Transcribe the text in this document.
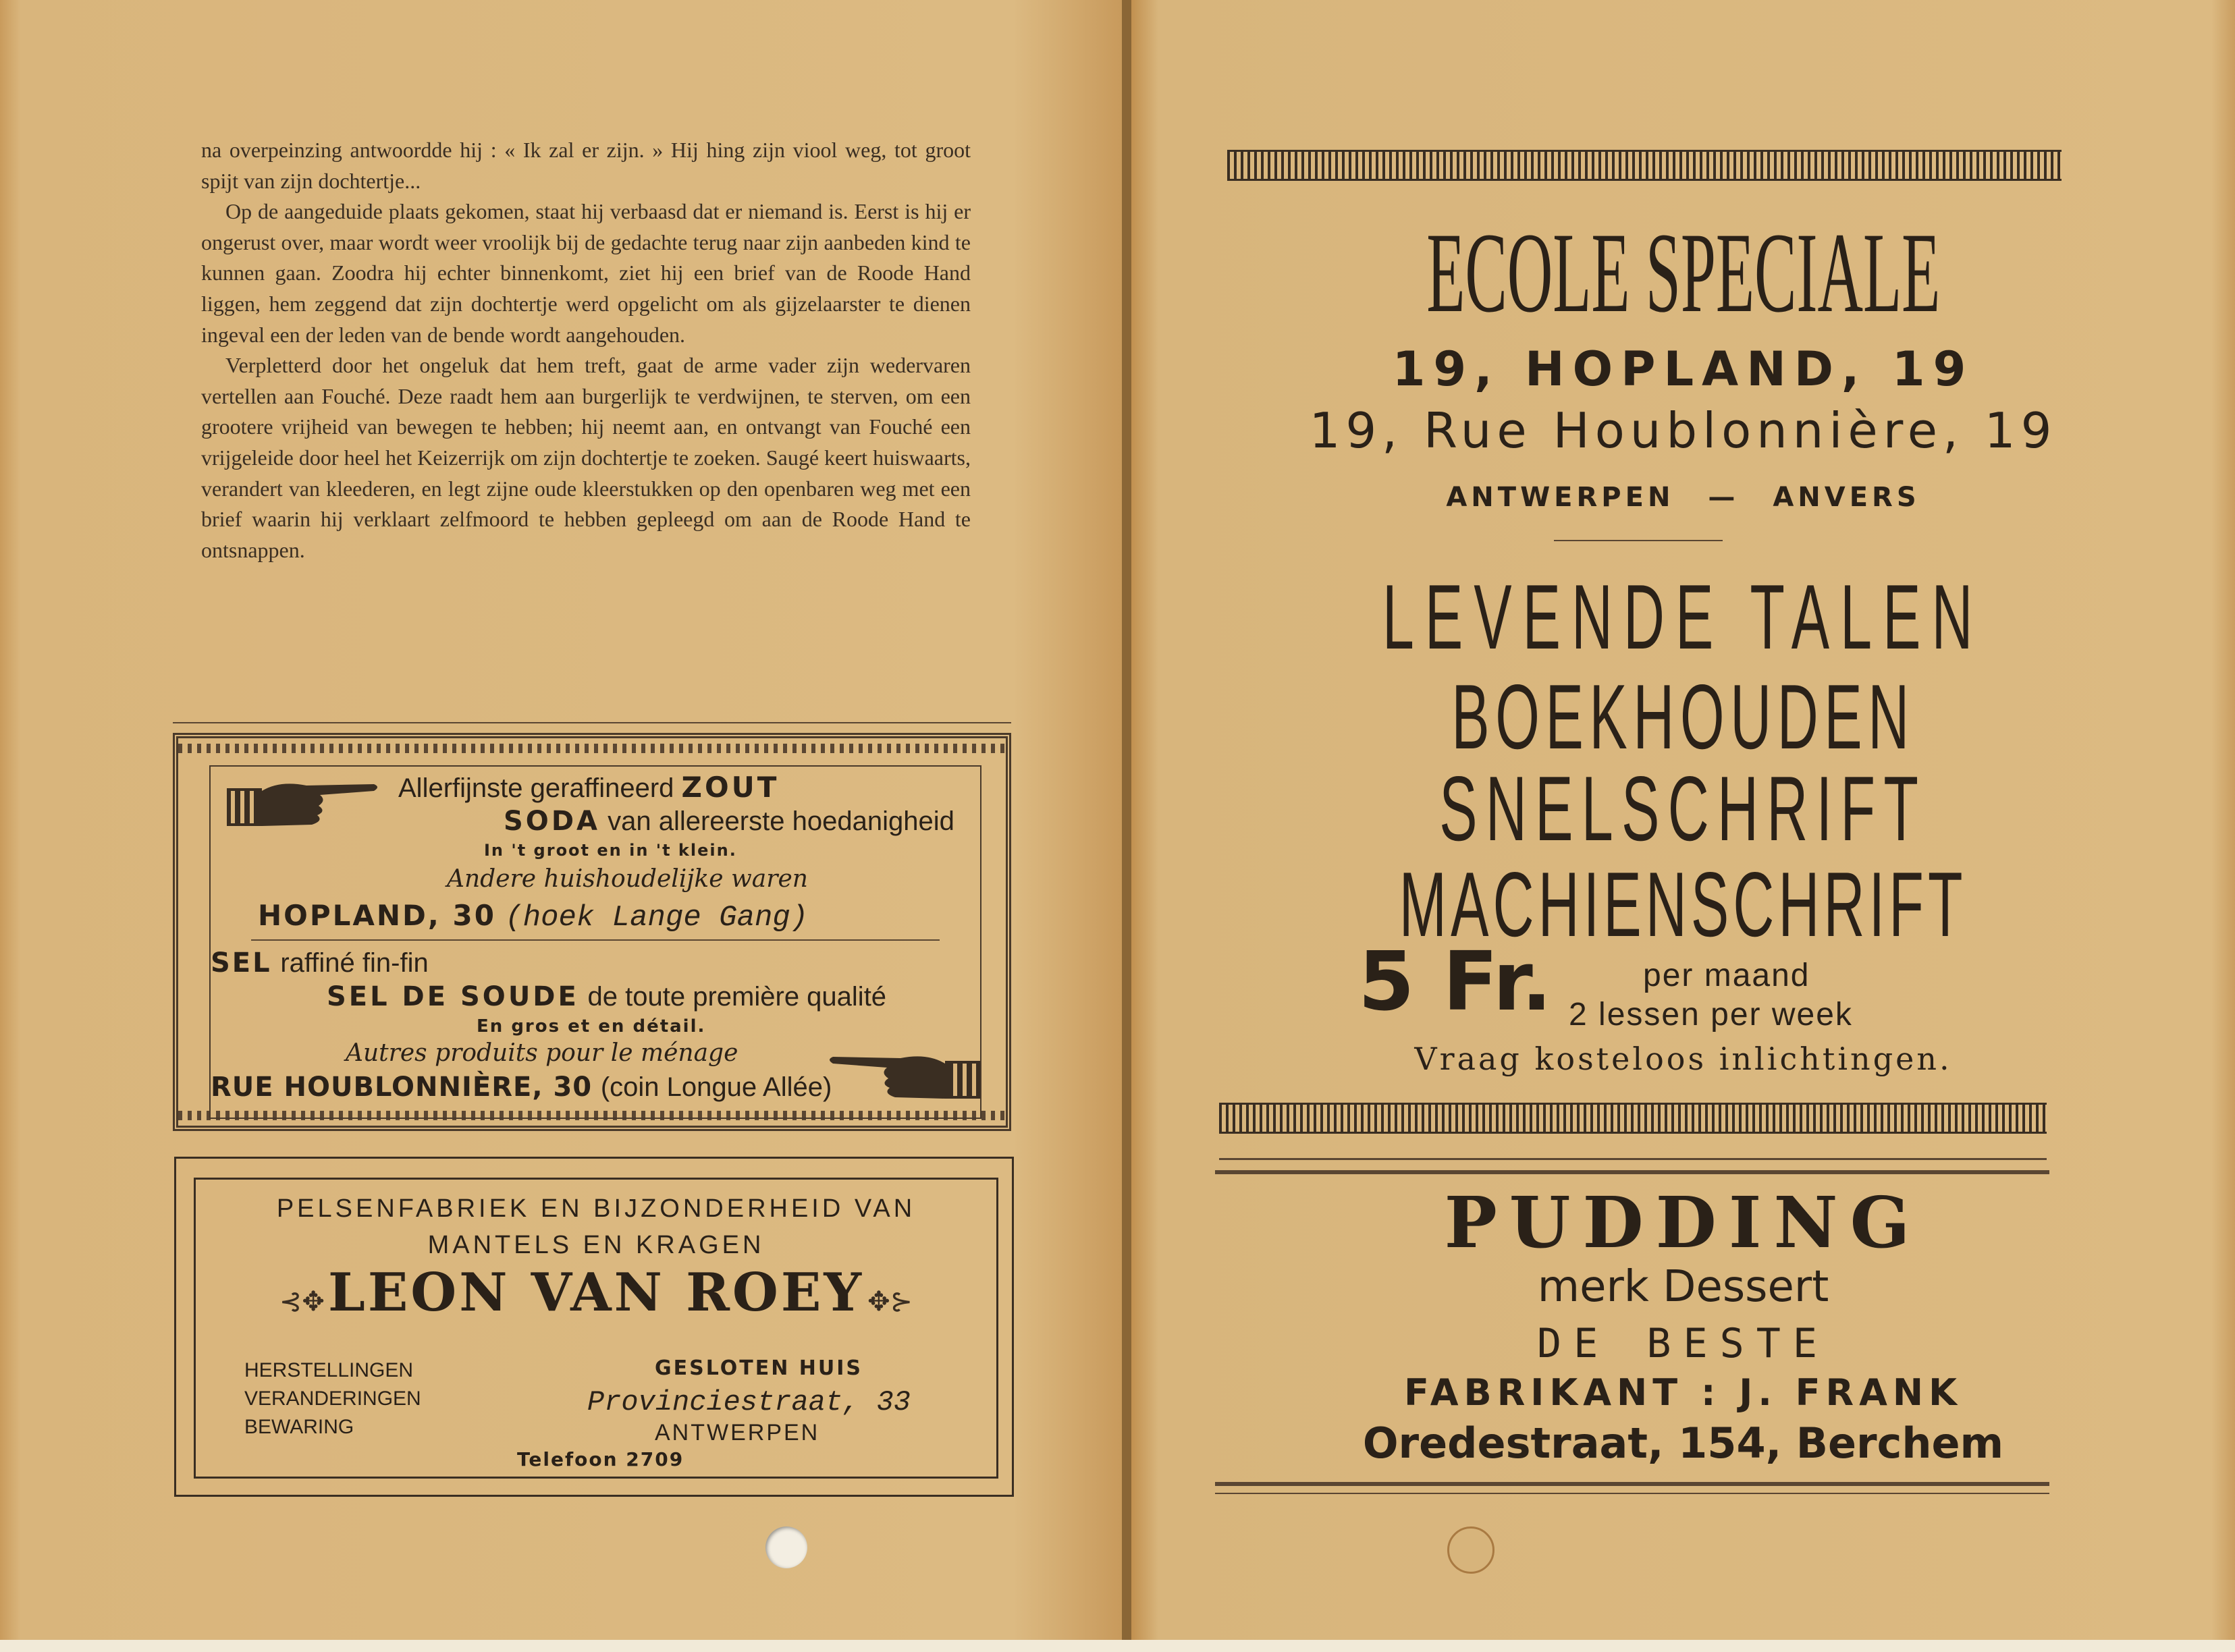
na overpeinzing antwoordde hij : « Ik zal er zijn. » Hij hing zijn viool weg, tot groot spijt van zijn dochtertje...

Op de aangeduide plaats gekomen, staat hij verbaasd dat er niemand is. Eerst is hij er ongerust over, maar wordt weer vroolijk bij de gedachte terug naar zijn aanbeden kind te kunnen gaan. Zoodra hij echter binnenkomt, ziet hij een brief van de Roode Hand liggen, hem zeggend dat zijn dochtertje werd opgelicht om als gijzelaarster te dienen ingeval een der leden van de bende wordt aangehouden.

Verpletterd door het ongeluk dat hem treft, gaat de arme vader zijn wedervaren vertellen aan Fouché. Deze raadt hem aan burgerlijk te verdwijnen, te sterven, om een grootere vrijheid van bewegen te hebben; hij neemt aan, en ontvangt van Fouché een vrijgeleide door heel het Keizerrijk om zijn dochtertje te zoeken. Saugé keert huiswaarts, verandert van kleederen, en legt zijne oude kleerstukken op den openbaren weg met een brief waarin hij verklaart zelfmoord te hebben gepleegd om aan de Roode Hand te ontsnappen.

Allerfijnste geraffineerd ZOUT
SODA van allereerste hoedanigheid
In 't groot en in 't klein.
Andere huishoudelijke waren
HOPLAND, 30 (hoek Lange Gang)
SEL raffiné fin-fin
SEL DE SOUDE de toute première qualité
En gros et en détail.
Autres produits pour le ménage
RUE HOUBLONNIÈRE, 30 (coin Longue Allée)
PELSENFABRIEK EN BIJZONDERHEID VAN
MANTELS EN KRAGEN
⊰✥ LEON VAN ROEY ✥⊱
HERSTELLINGEN
VERANDERINGEN
BEWARING
GESLOTEN HUIS
Provinciestraat, 33
ANTWERPEN
Telefoon 2709
ECOLE SPECIALE
19, HOPLAND, 19
19, Rue Houblonnière, 19
ANTWERPEN — ANVERS
LEVENDE TALEN
BOEKHOUDEN
SNELSCHRIFT
MACHIENSCHRIFT
5 Fr.	per maand
2 lessen per week
Vraag kosteloos inlichtingen.
PUDDING
merk Dessert
DE BESTE
FABRIKANT : J. FRANK
Oredestraat, 154, Berchem
